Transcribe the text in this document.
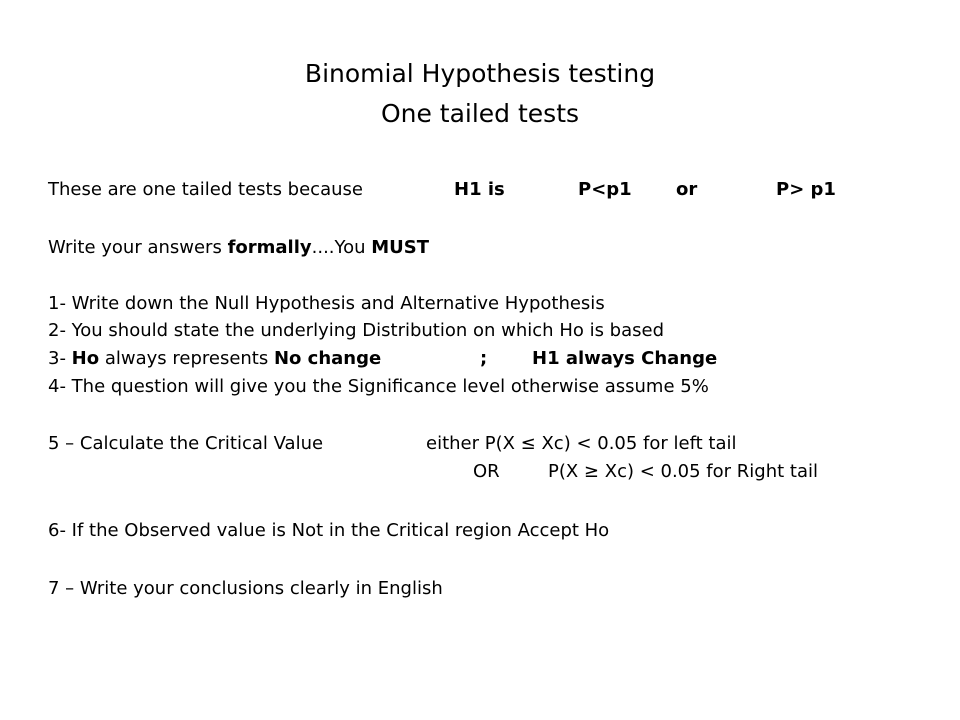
Binomial Hypothesis testing
One tailed tests
These are one tailed tests because	H1 is	P<p1 or	P> p1
Write your answers formally....You MUST
1- Write down the Null Hypothesis and Alternative Hypothesis
2- You should state the underlying Distribution on which Ho is based
3- Ho always represents No change	; H1 always Change
4- The question will give you the Significance level otherwise assume 5%
5 – Calculate the Critical Value	either P(X ≤ Xc) < 0.05 for left tail
OR	P(X ≥ Xc) < 0.05 for Right tail
6- If the Observed value is Not in the Critical region Accept Ho
7 – Write your conclusions clearly in English
